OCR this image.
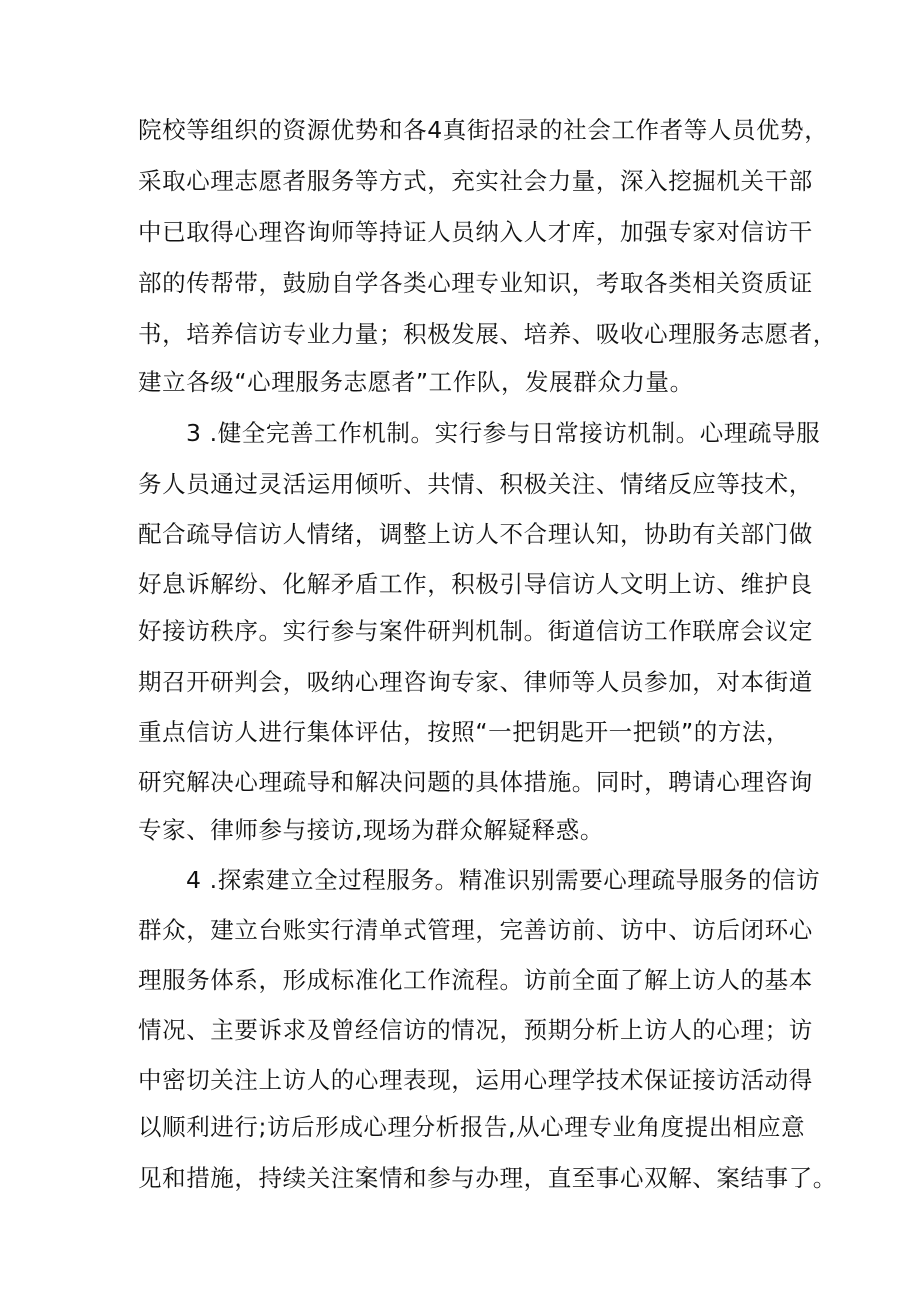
院校等组织的资源优势和各4真街招录的社会工作者等人员优势，
采取心理志愿者服务等方式，充实社会力量，深入挖掘机关干部
中已取得心理咨询师等持证人员纳入人才库，加强专家对信访干
部的传帮带，鼓励自学各类心理专业知识，考取各类相关资质证
书，培养信访专业力量；积极发展、培养、吸收心理服务志愿者，
建立各级“心理服务志愿者”工作队，发展群众力量。
3 .健全完善工作机制。实行参与日常接访机制。心理疏导服
务人员通过灵活运用倾听、共情、积极关注、情绪反应等技术，
配合疏导信访人情绪，调整上访人不合理认知，协助有关部门做
好息诉解纷、化解矛盾工作，积极引导信访人文明上访、维护良
好接访秩序。实行参与案件研判机制。街道信访工作联席会议定
期召开研判会，吸纳心理咨询专家、律师等人员参加，对本街道
重点信访人进行集体评估，按照“一把钥匙开一把锁”的方法，
研究解决心理疏导和解决问题的具体措施。同时，聘请心理咨询
专家、律师参与接访,现场为群众解疑释惑。
4 .探索建立全过程服务。精准识别需要心理疏导服务的信访
群众，建立台账实行清单式管理，完善访前、访中、访后闭环心
理服务体系，形成标准化工作流程。访前全面了解上访人的基本
情况、主要诉求及曾经信访的情况，预期分析上访人的心理；访
中密切关注上访人的心理表现，运用心理学技术保证接访活动得
以顺利进行;访后形成心理分析报告,从心理专业角度提出相应意
见和措施，持续关注案情和参与办理，直至事心双解、案结事了。
